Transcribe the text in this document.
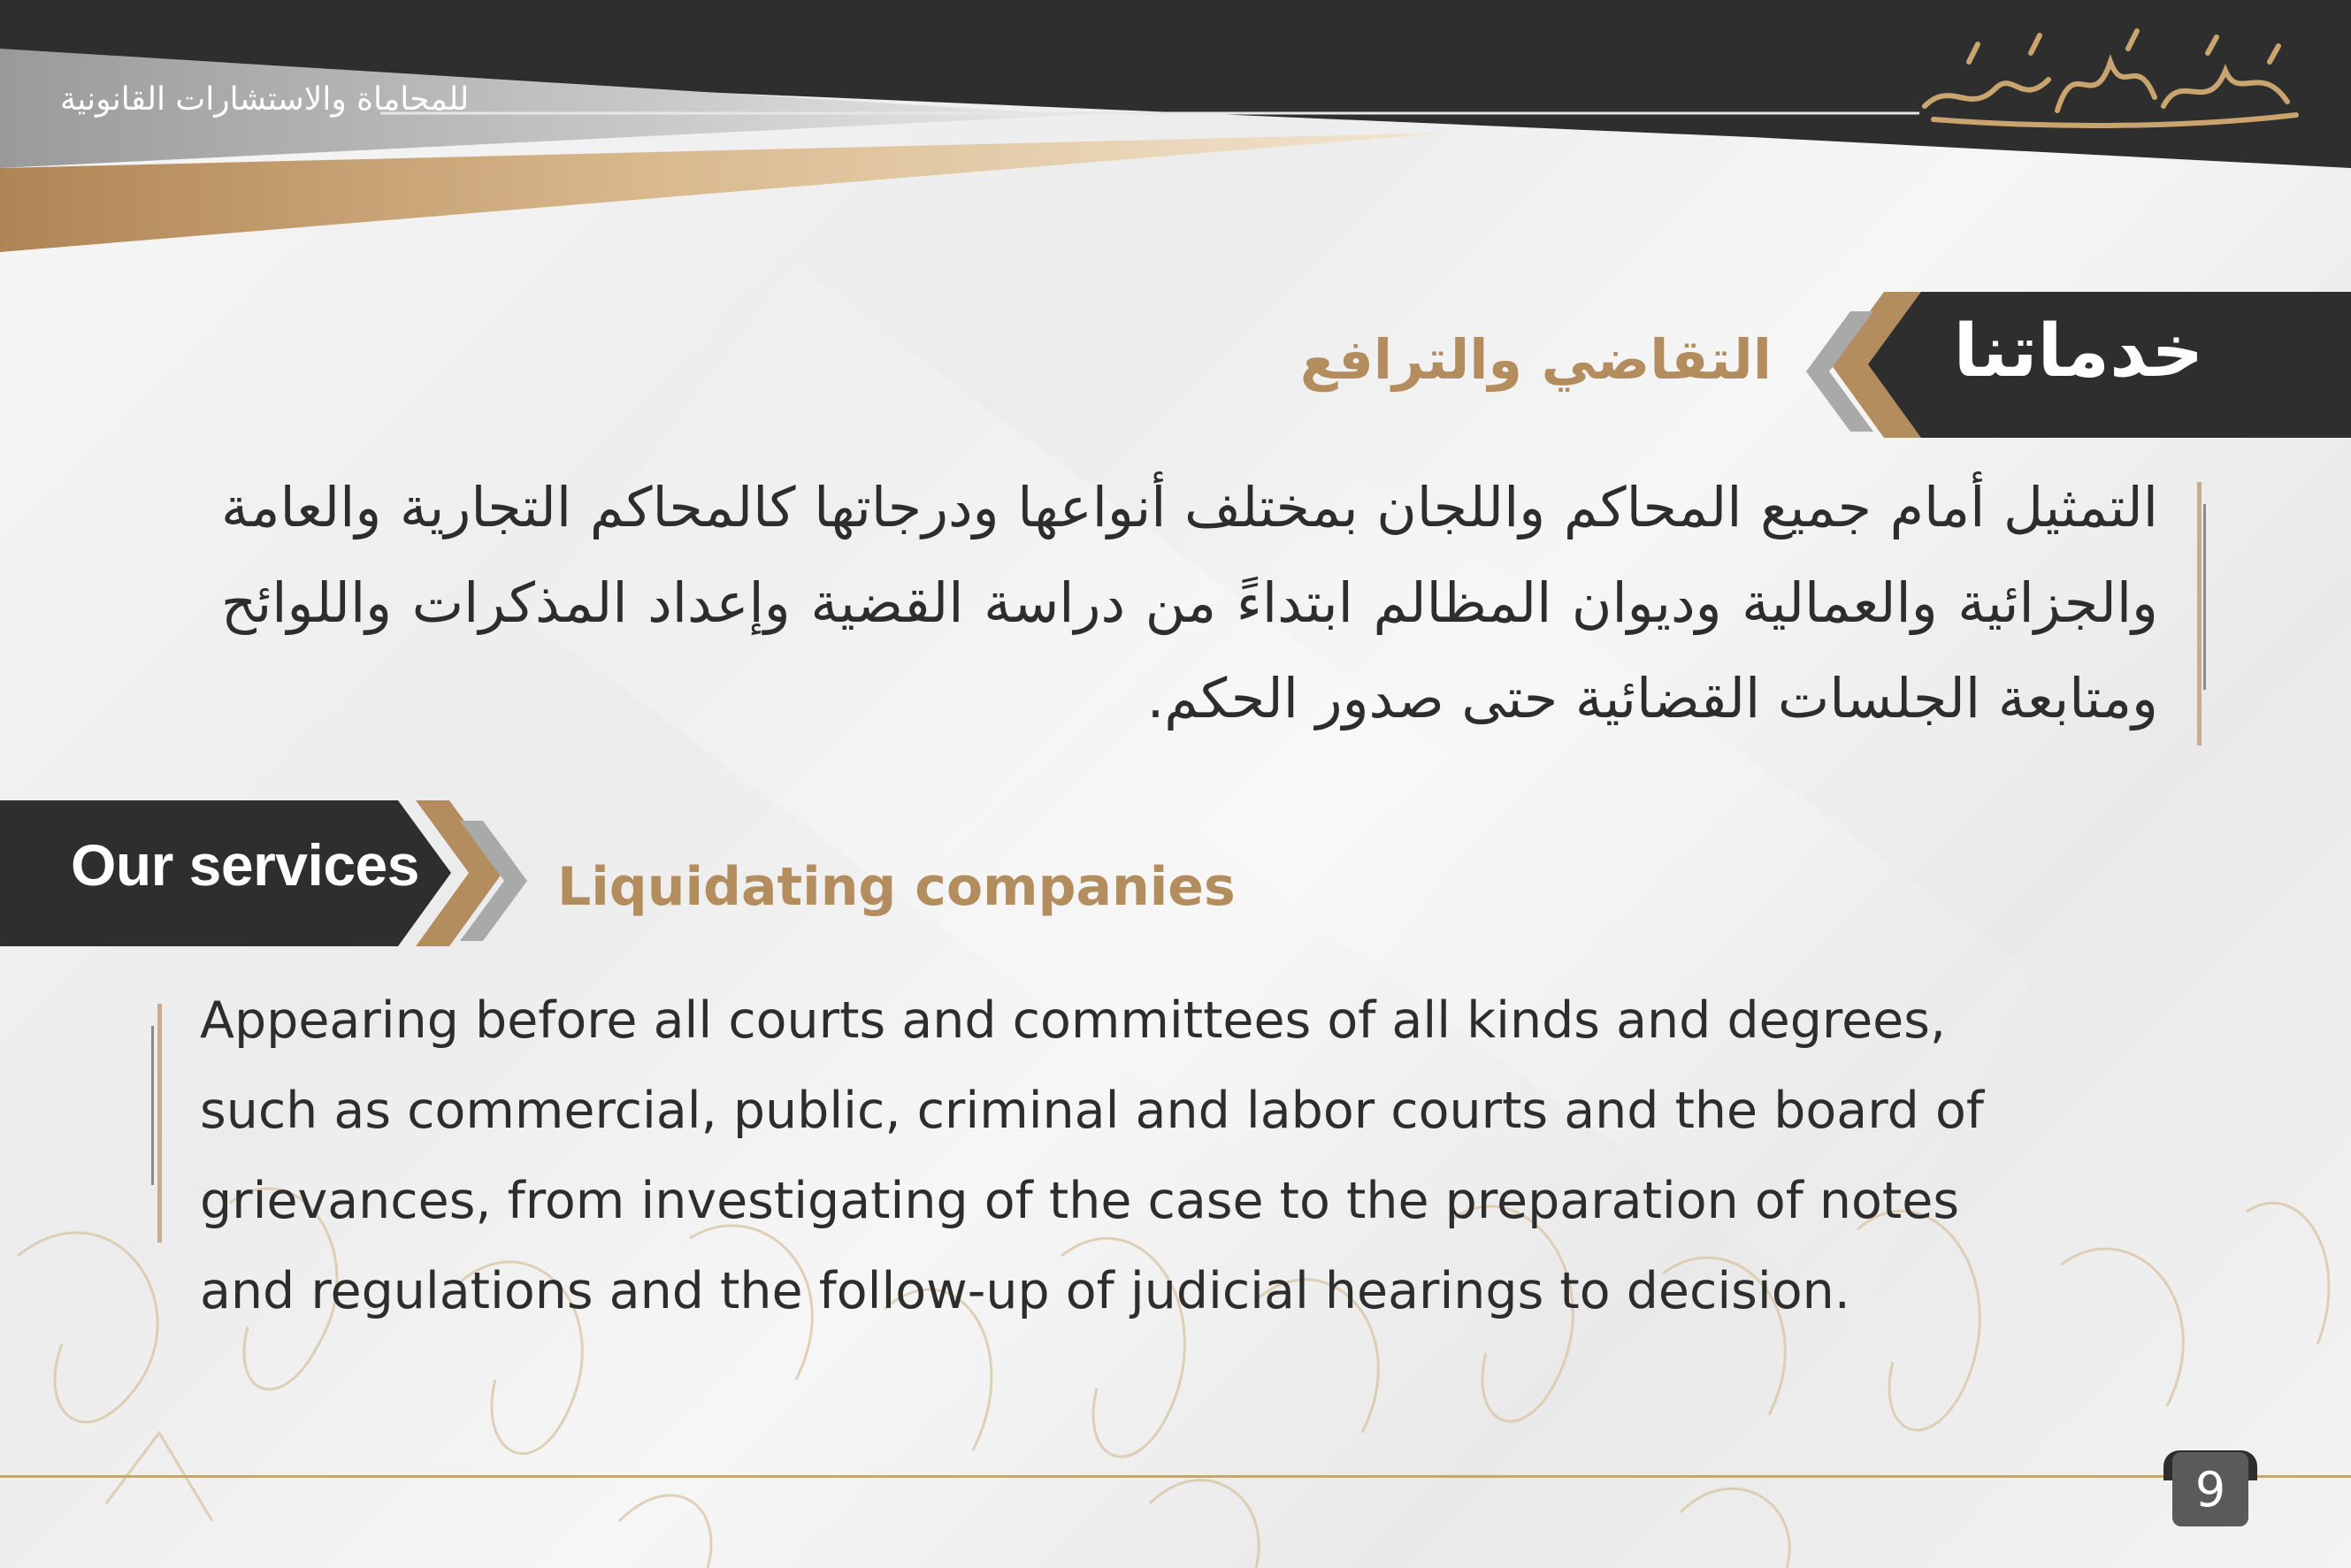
شركة عبدالله محمد الأحمد
للمحاماة والاستشارات القانونية
خدماتنا
التقاضي والترافع
التمثيل أمام جميع المحاكم واللجان بمختلف أنواعها ودرجاتها كالمحاكم التجارية والعامة والجزائية والعمالية وديوان المظالم ابتداءً من دراسة القضية وإعداد المذكرات واللوائح ومتابعة الجلسات القضائية حتى صدور الحكم.
Our services	Liquidating companies
Appearing before all courts and committees of all kinds and degrees, such as commercial, public, criminal and labor courts and the board of grievances, from investigating of the case to the preparation of notes and regulations and the follow-up of judicial hearings to decision.
9
